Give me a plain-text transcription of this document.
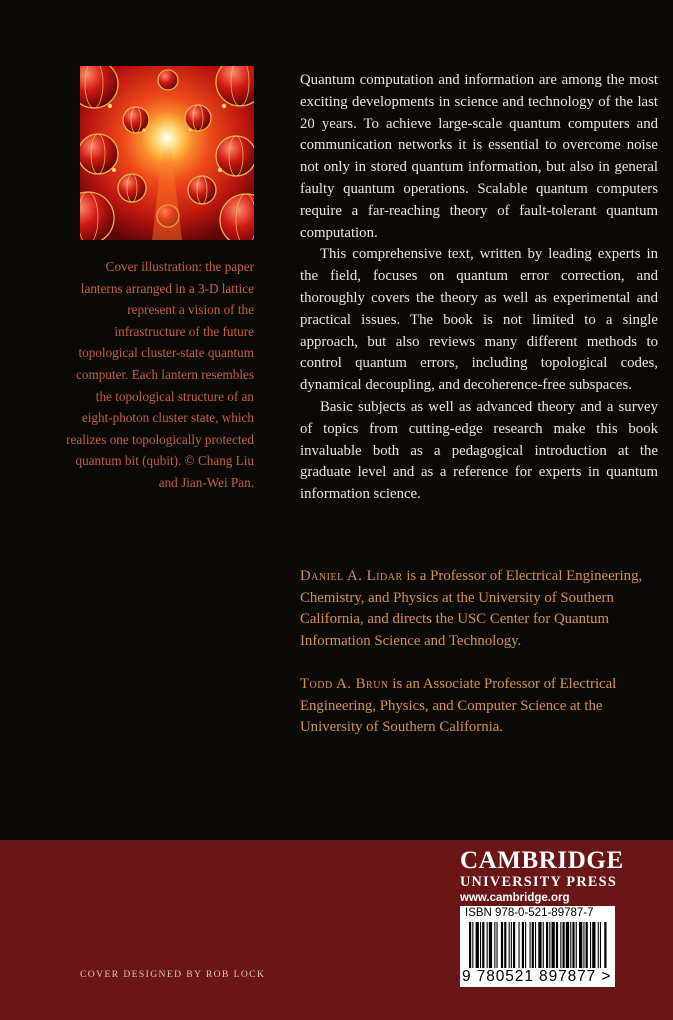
Cover illustration: the paper lanterns arranged in a 3-D lattice represent a vision of the infrastructure of the future topological cluster-state quantum computer. Each lantern resembles the topological structure of an eight-photon cluster state, which realizes one topologically protected quantum bit (qubit). © Chang Liu and Jian-Wei Pan.

Quantum computation and information are among the most exciting developments in science and technology of the last 20 years. To achieve large-scale quantum computers and communication networks it is essential to overcome noise not only in stored quantum information, but also in general faulty quantum operations. Scalable quantum computers require a far-reaching theory of fault-tolerant quantum computation.

This comprehensive text, written by leading experts in the field, focuses on quantum error correction, and thoroughly covers the theory as well as experimental and practical issues. The book is not limited to a single approach, but also reviews many different methods to control quantum errors, including topological codes, dynamical decoupling, and decoherence-free subspaces.

Basic subjects as well as advanced theory and a survey of topics from cutting-edge research make this book invaluable both as a pedagogical introduction at the graduate level and as a reference for experts in quantum information science.

Daniel A. Lidar is a Professor of Electrical Engineering, Chemistry, and Physics at the University of Southern California, and directs the USC Center for Quantum Information Science and Technology.

Todd A. Brun is an Associate Professor of Electrical Engineering, Physics, and Computer Science at the University of Southern California.

COVER DESIGNED BY ROB LOCK
CAMBRIDGE
UNIVERSITY PRESS
www.cambridge.org
ISBN 978-0-521-89787-7
9 780521 897877 >
